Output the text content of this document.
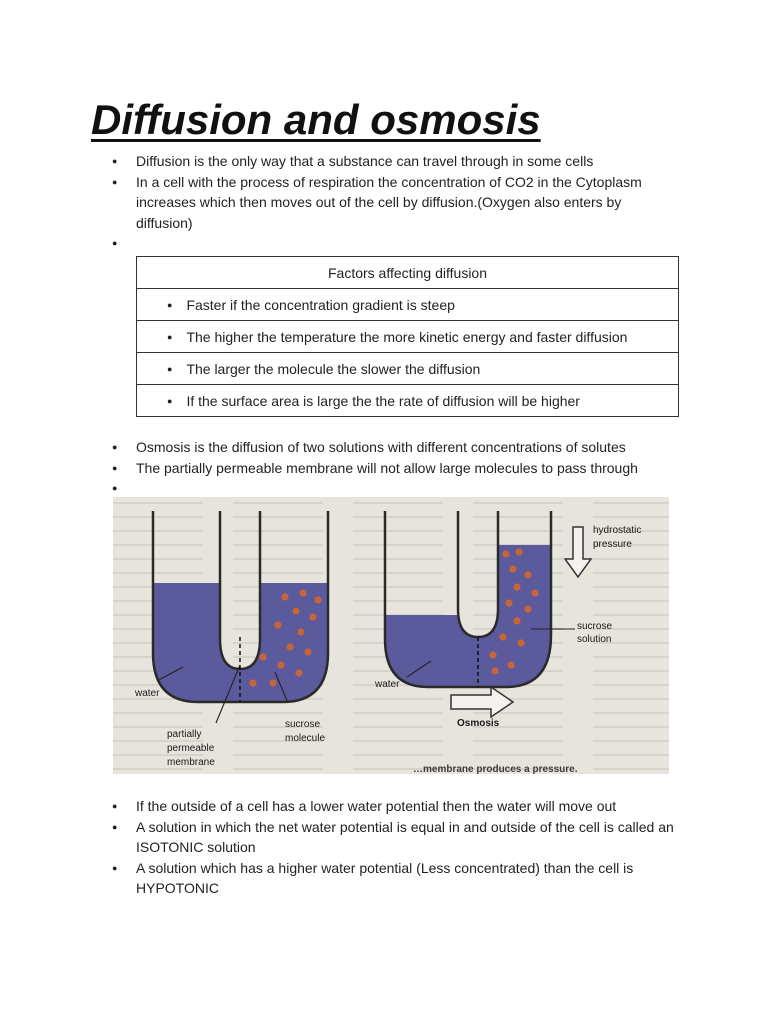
Diffusion and osmosis
● Diffusion is the only way that a substance can travel through in some cells
● In a cell with the process of respiration the concentration of CO2 in the Cytoplasm increases which then moves out of the cell by diffusion.(Oxygen also enters by diffusion)
●
Factors affecting diffusion
● Faster if the concentration gradient is steep
● The higher the temperature the more kinetic energy and faster diffusion
● The larger the molecule the slower the diffusion
● If the surface area is large the the rate of diffusion will be higher
● Osmosis is the diffusion of two solutions with different concentrations of solutes
● The partially permeable membrane will not allow large molecules to pass through
●
water
partially
permeable
membrane
sucrose
molecule
water
hydrostatic
pressure
sucrose
solution
Osmosis
…membrane produces a pressure.
● If the outside of a cell has a lower water potential then the water will move out
● A solution in which the net water potential is equal in and outside of the cell is called an ISOTONIC solution
● A solution which has a higher water potential (Less concentrated) than the cell is HYPOTONIC
